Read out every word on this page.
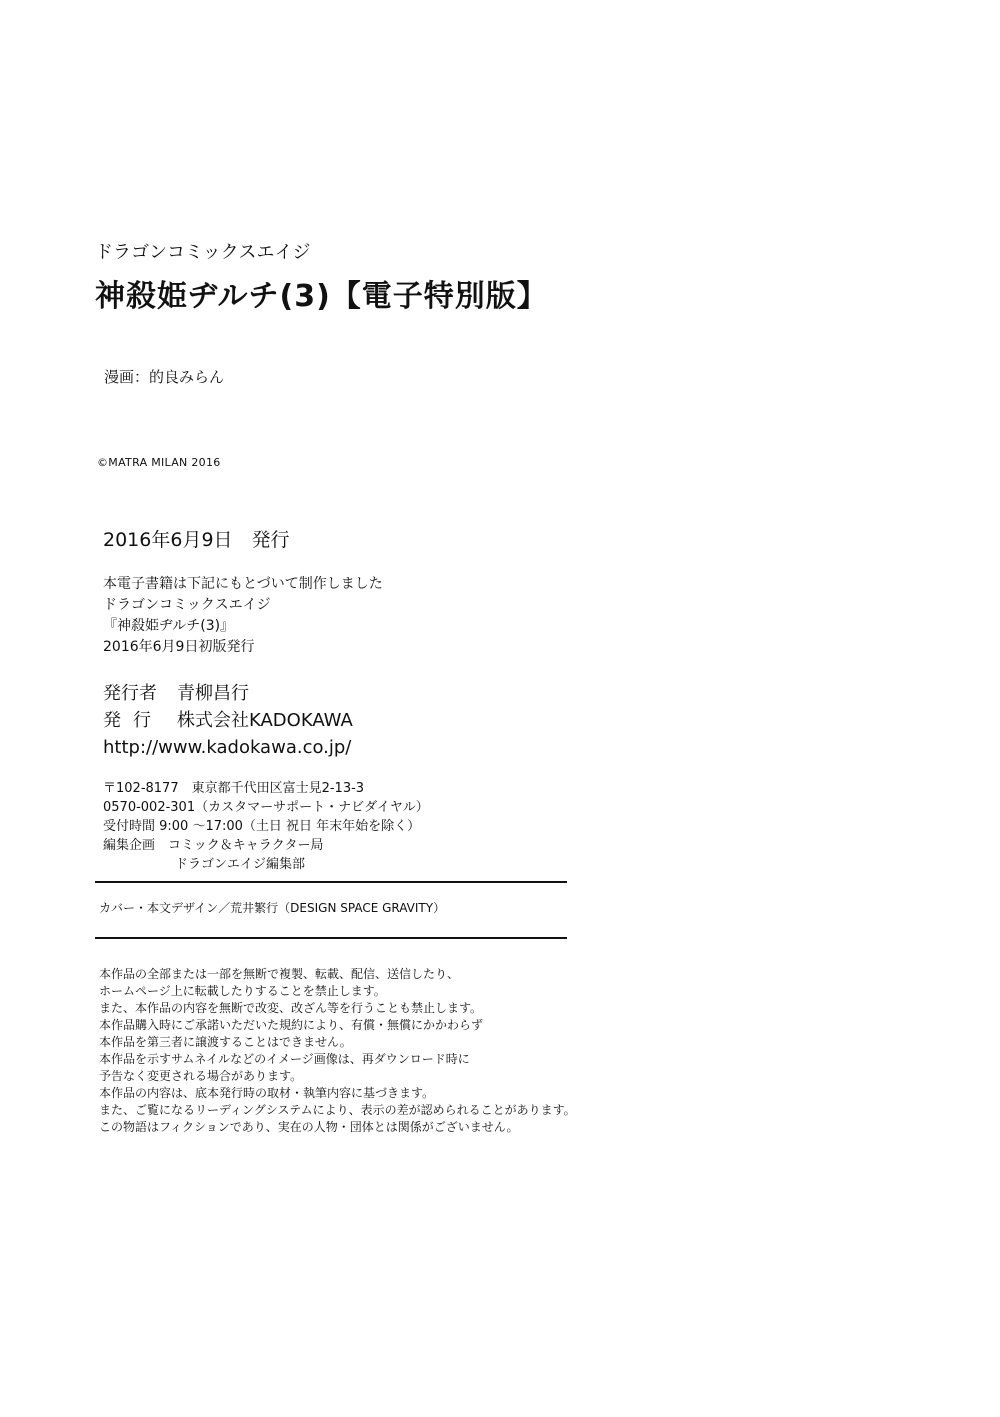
ドラゴンコミックスエイジ
神殺姫ヂルチ(3)【電子特別版】
漫画：的良みらん
©MATRA MILAN 2016
2016年6月9日　発行
本電子書籍は下記にもとづいて制作しました
ドラゴンコミックスエイジ
『神殺姫ヂルチ(3)』
2016年6月9日初版発行
発行者 青柳昌行
発行 株式会社KADOKAWA
http://www.kadokawa.co.jp/
〒102-8177　東京都千代田区富士見2-13-3
0570-002-301（カスタマーサポート・ナビダイヤル）
受付時間 9:00 ～17:00（土日 祝日 年末年始を除く）
編集企画　コミック＆キャラクター局
ドラゴンエイジ編集部
カバー・本文デザイン／荒井繁行（DESIGN SPACE GRAVITY）
本作品の全部または一部を無断で複製、転載、配信、送信したり、
ホームページ上に転載したりすることを禁止します。
また、本作品の内容を無断で改変、改ざん等を行うことも禁止します。
本作品購入時にご承諾いただいた規約により、有償・無償にかかわらず
本作品を第三者に譲渡することはできません。
本作品を示すサムネイルなどのイメージ画像は、再ダウンロード時に
予告なく変更される場合があります。
本作品の内容は、底本発行時の取材・執筆内容に基づきます。
また、ご覧になるリーディングシステムにより、表示の差が認められることがあります。
この物語はフィクションであり、実在の人物・団体とは関係がございません。
